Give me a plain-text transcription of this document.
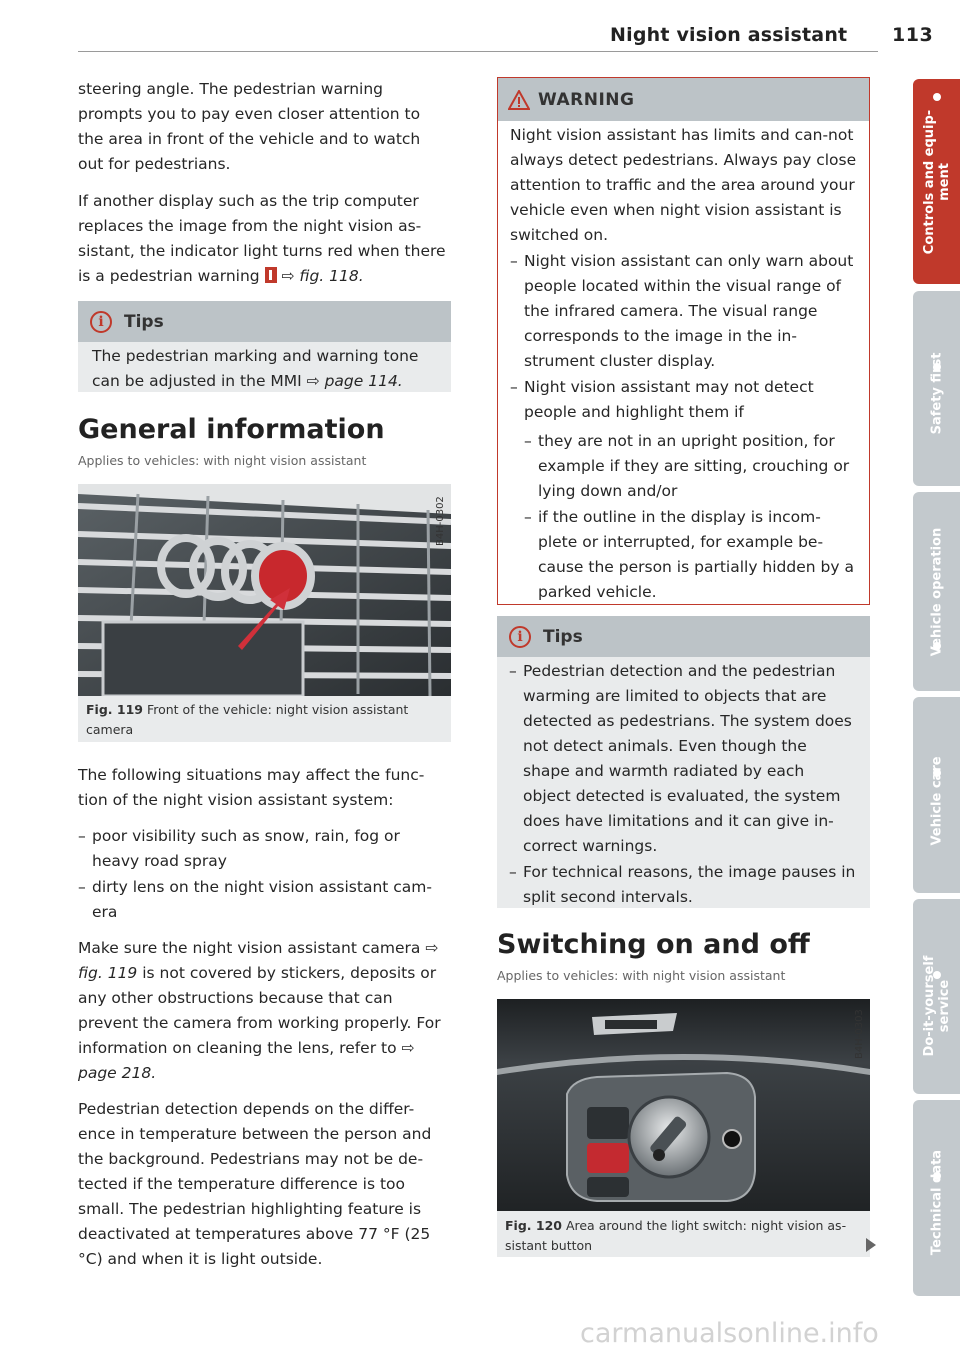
Night vision assistant 113

steering angle. The pedestrian warning prompts you to pay even closer attention to the area in front of the vehicle and to watch out for pedestrians.

If another display such as the trip computer replaces the image from the night vision as-sistant, the indicator light turns red when there is a pedestrian warning ⇨ fig. 118.

i	Tips

The pedestrian marking and warning tone can be adjusted in the MMI ⇨ page 114.

General information
Applies to vehicles: with night vision assistant
B4H-0302
Fig. 119 Front of the vehicle: night vision assistant camera

The following situations may affect the func-tion of the night vision assistant system:

– poor visibility such as snow, rain, fog or heavy road spray
– dirty lens on the night vision assistant cam-era

Make sure the night vision assistant camera ⇨ fig. 119 is not covered by stickers, deposits or any other obstructions because that can prevent the camera from working properly. For information on cleaning the lens, refer to ⇨ page 218.

Pedestrian detection depends on the differ-ence in temperature between the person and the background. Pedestrians may not be de-tected if the temperature difference is too small. The pedestrian highlighting feature is deactivated at temperatures above 77 °F (25 °C) and when it is light outside.

WARNING

Night vision assistant has limits and can-not always detect pedestrians. Always pay close attention to traffic and the area around your vehicle even when night vision assistant is switched on.

– Night vision assistant can only warn about people located within the visual range of the infrared camera. The visual range corresponds to the image in the in-strument cluster display.
– Night vision assistant may not detect people and highlight them if
– they are not in an upright position, for example if they are sitting, crouching or lying down and/or
– if the outline in the display is incom-plete or interrupted, for example be-cause the person is partially hidden by a parked vehicle.
i	Tips
– Pedestrian detection and the pedestrian warming are limited to objects that are detected as pedestrians. The system does not detect animals. Even though the shape and warmth radiated by each object detected is evaluated, the system does have limitations and it can give in-correct warnings.
– For technical reasons, the image pauses in split second intervals.
Switching on and off
Applies to vehicles: with night vision assistant
B4H-0303
Fig. 120 Area around the light switch: night vision as-sistant button
Controls and equip-ment
Safety first
Vehicle operation
Vehicle care
Do-it-yourself service
Technical data
carmanualsonline.info
